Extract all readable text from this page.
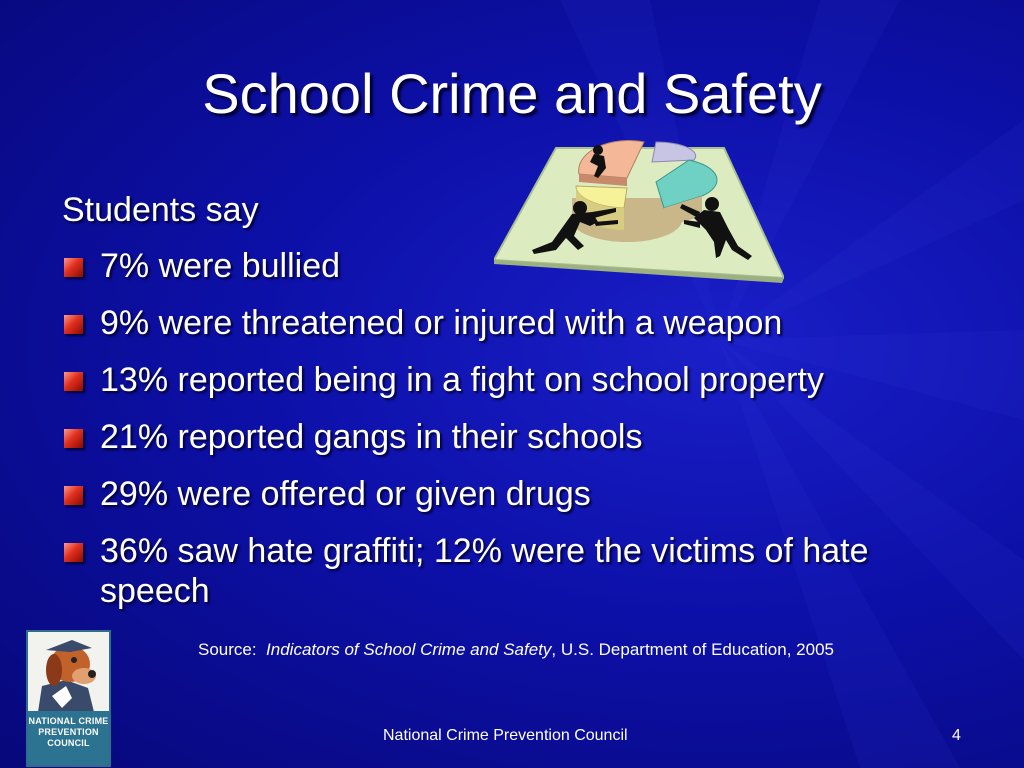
School Crime and Safety
Students say
7% were bullied
9% were threatened or injured with a weapon
13% reported being in a fight on school property
21% reported gangs in their schools
29% were offered or given drugs
36% saw hate graffiti; 12% were the victims of hate speech
Source: Indicators of School Crime and Safety, U.S. Department of Education, 2005
NATIONAL CRIME PREVENTION COUNCIL	National Crime Prevention Council	4
